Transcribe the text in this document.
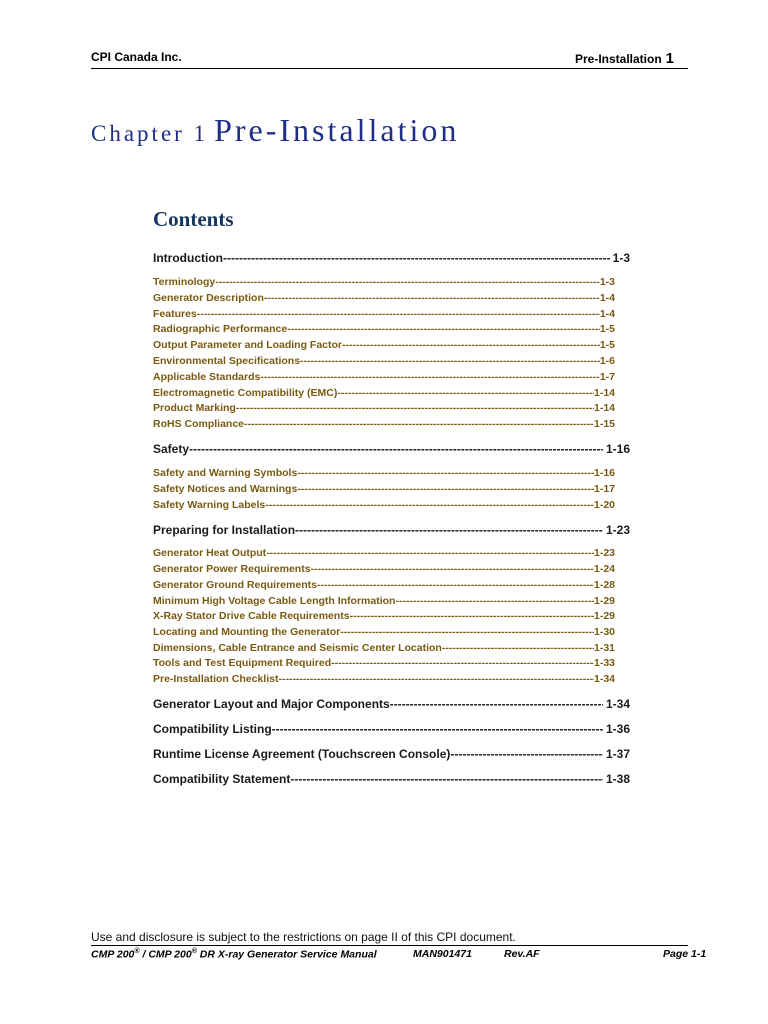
CPI Canada Inc.	Pre-Installation 1
Chapter 1 Pre-Installation
Contents
Introduction -----	1-3
Terminology -----	1-3
Generator Description -----	1-4
Features -----	1-4
Radiographic Performance -----	1-5
Output Parameter and Loading Factor -----	1-5
Environmental Specifications -----	1-6
Applicable Standards -----	1-7
Electromagnetic Compatibility (EMC) -----	1-14
Product Marking -----	1-14
RoHS Compliance -----	1-15
Safety -----	1-16
Safety and Warning Symbols -----	1-16
Safety Notices and Warnings -----	1-17
Safety Warning Labels -----	1-20
Preparing for Installation -----	1-23
Generator Heat Output -----	1-23
Generator Power Requirements -----	1-24
Generator Ground Requirements -----	1-28
Minimum High Voltage Cable Length Information -----	1-29
X-Ray Stator Drive Cable Requirements -----	1-29
Locating and Mounting the Generator -----	1-30
Dimensions, Cable Entrance and Seismic Center Location -----	1-31
Tools and Test Equipment Required -----	1-33
Pre-Installation Checklist -----	1-34
Generator Layout and Major Components -----	1-34
Compatibility Listing -----	1-36
Runtime License Agreement (Touchscreen Console) -----	1-37
Compatibility Statement -----	1-38
Use and disclosure is subject to the restrictions on page II of this CPI document.
CMP 200® / CMP 200® DR X-ray Generator Service Manual	MAN901471	Rev.AF	Page 1-1
